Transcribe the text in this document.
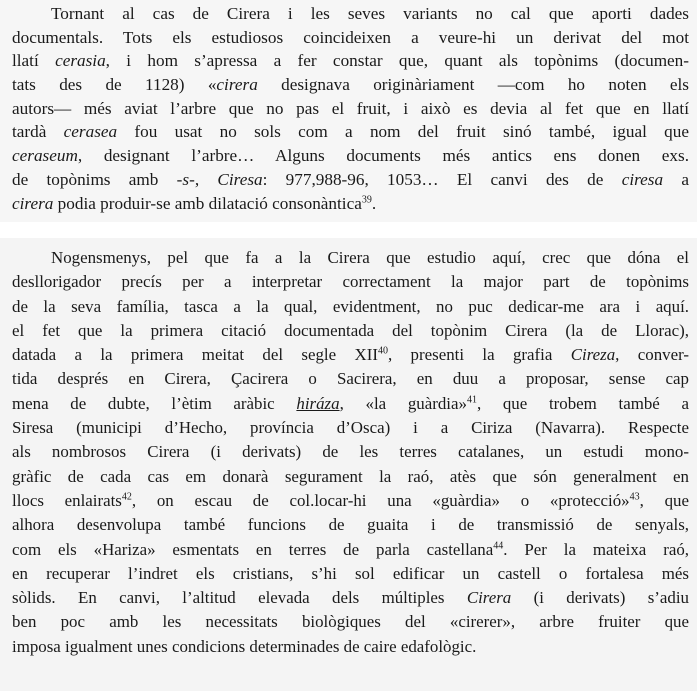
Tornant al cas de Cirera i les seves variants no cal que aporti dades
documentals. Tots els estudiosos coincideixen a veure-hi un derivat del mot
llatí cerasia, i hom s’apressa a fer constar que, quant als topònims (documen-
tats des de 1128) «cirera designava originàriament —com ho noten els
autors— més aviat l’arbre que no pas el fruit, i això es devia al fet que en llatí
tardà cerasea fou usat no sols com a nom del fruit sinó també, igual que
ceraseum, designant l’arbre… Alguns documents més antics ens donen exs.
de topònims amb -s-, Ciresa: 977,988-96, 1053… El canvi des de ciresa a
cirera podia produir-se amb dilatació consonàntica$^{39}$.
Nogensmenys, pel que fa a la Cirera que estudio aquí, crec que dóna el
desllorigador precís per a interpretar correctament la major part de topònims
de la seva família, tasca a la qual, evidentment, no puc dedicar-me ara i aquí.
el fet que la primera citació documentada del topònim Cirera (la de Llorac),
datada a la primera meitat del segle XII$^{40}$, presenti la grafia Cireza, conver-
tida després en Cirera, Çacirera o Sacirera, en duu a proposar, sense cap
mena de dubte, l’ètim aràbic hiráza, «la guàrdia»$^{41}$, que trobem també a
Siresa (municipi d’Hecho, província d’Osca) i a Ciriza (Navarra). Respecte
als nombrosos Cirera (i derivats) de les terres catalanes, un estudi mono-
gràfic de cada cas em donarà segurament la raó, atès que són generalment en
llocs enlairats$^{42}$, on escau de col.locar-hi una «guàrdia» o «protecció»$^{43}$, que
alhora desenvolupa també funcions de guaita i de transmissió de senyals,
com els «Hariza» esmentats en terres de parla castellana$^{44}$. Per la mateixa raó,
en recuperar l’indret els cristians, s’hi sol edificar un castell o fortalesa més
sòlids. En canvi, l’altitud elevada dels múltiples Cirera (i derivats) s’adiu
ben poc amb les necessitats biològiques del «cirerer», arbre fruiter que
imposa igualment unes condicions determinades de caire edafològic.
